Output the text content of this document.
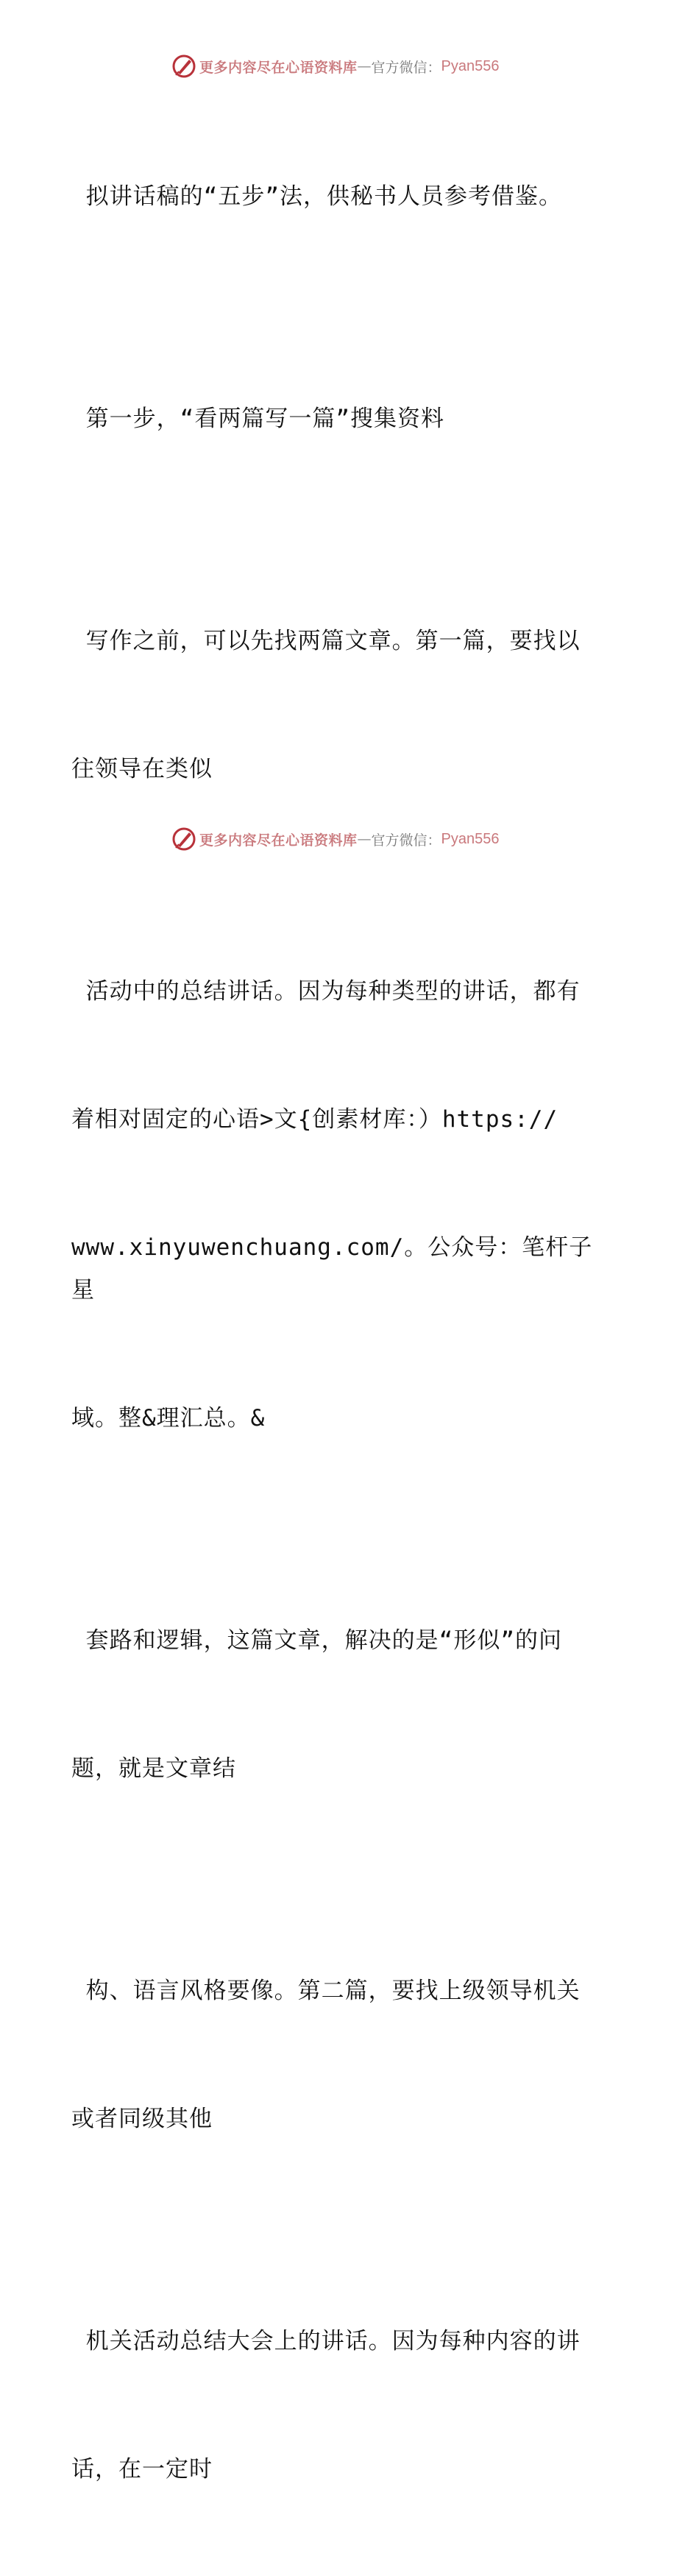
更多内容尽在心语资料库 — 官方微信： Pyan556

拟讲话稿的“五步”法，供秘书人员参考借鉴。

第一步，“看两篇写一篇”搜集资料

写作之前，可以先找两篇文章。第一篇，要找以

往领导在类似

活动中的总结讲话。因为每种类型的讲话，都有

着相对固定的心语>文{创素材库：）https://

www.xinyuwenchuang.com/。公众号：笔杆子星

域。整&理汇总。&

套路和逻辑，这篇文章，解决的是“形似”的问

题，就是文章结

构、语言风格要像。第二篇，要找上级领导机关

或者同级其他

机关活动总结大会上的讲话。因为每种内容的讲

话，在一定时

更多内容尽在心语资料库 — 官方微信： Pyan556
